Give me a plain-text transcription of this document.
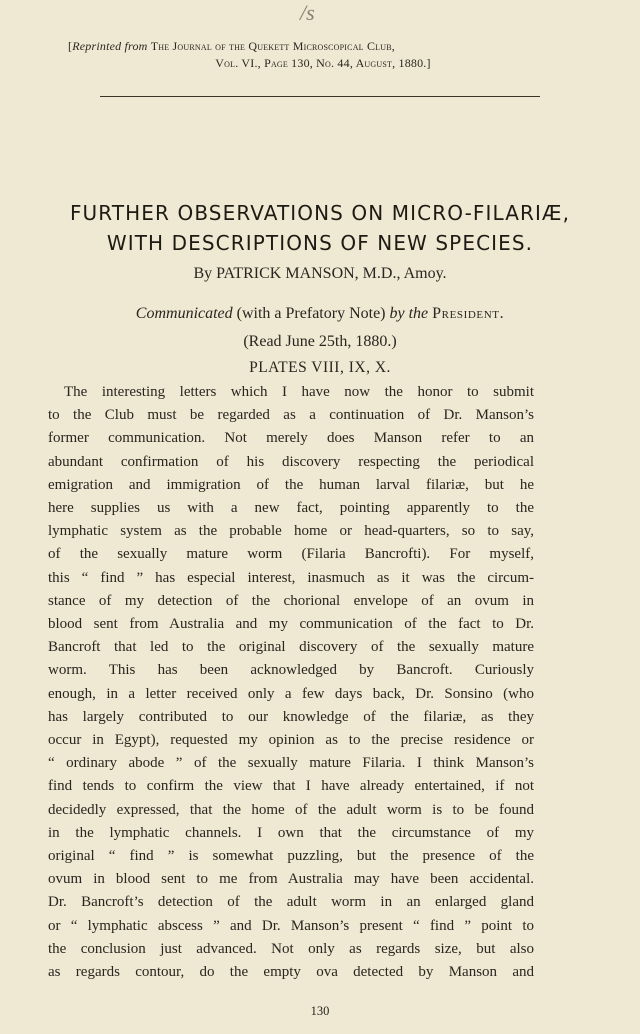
/s
[Reprinted from The Journal of the Quekett Microscopical Club,
Vol. VI., Page 130, No. 44, August, 1880.]
FURTHER OBSERVATIONS ON MICRO-FILARIÆ,
WITH DESCRIPTIONS OF NEW SPECIES.
By PATRICK MANSON, M.D., Amoy.
Communicated (with a Prefatory Note) by the President.
(Read June 25th, 1880.)
PLATES VIII, IX, X.
The interesting letters which I have now the honor to submit
to the Club must be regarded as a continuation of Dr. Manson’s
former communication. Not merely does Manson refer to an
abundant confirmation of his discovery respecting the periodical
emigration and immigration of the human larval filariæ, but he
here supplies us with a new fact, pointing apparently to the
lymphatic system as the probable home or head-quarters, so to say,
of the sexually mature worm (Filaria Bancrofti). For myself,
this “ find ” has especial interest, inasmuch as it was the circum-
stance of my detection of the chorional envelope of an ovum in
blood sent from Australia and my communication of the fact to Dr.
Bancroft that led to the original discovery of the sexually mature
worm. This has been acknowledged by Bancroft. Curiously
enough, in a letter received only a few days back, Dr. Sonsino (who
has largely contributed to our knowledge of the filariæ, as they
occur in Egypt), requested my opinion as to the precise residence or
“ ordinary abode ” of the sexually mature Filaria. I think Manson’s
find tends to confirm the view that I have already entertained, if not
decidedly expressed, that the home of the adult worm is to be found
in the lymphatic channels. I own that the circumstance of my
original “ find ” is somewhat puzzling, but the presence of the
ovum in blood sent to me from Australia may have been accidental.
Dr. Bancroft’s detection of the adult worm in an enlarged gland
or “ lymphatic abscess ” and Dr. Manson’s present “ find ” point to
the conclusion just advanced. Not only as regards size, but also
as regards contour, do the empty ova detected by Manson and
130
